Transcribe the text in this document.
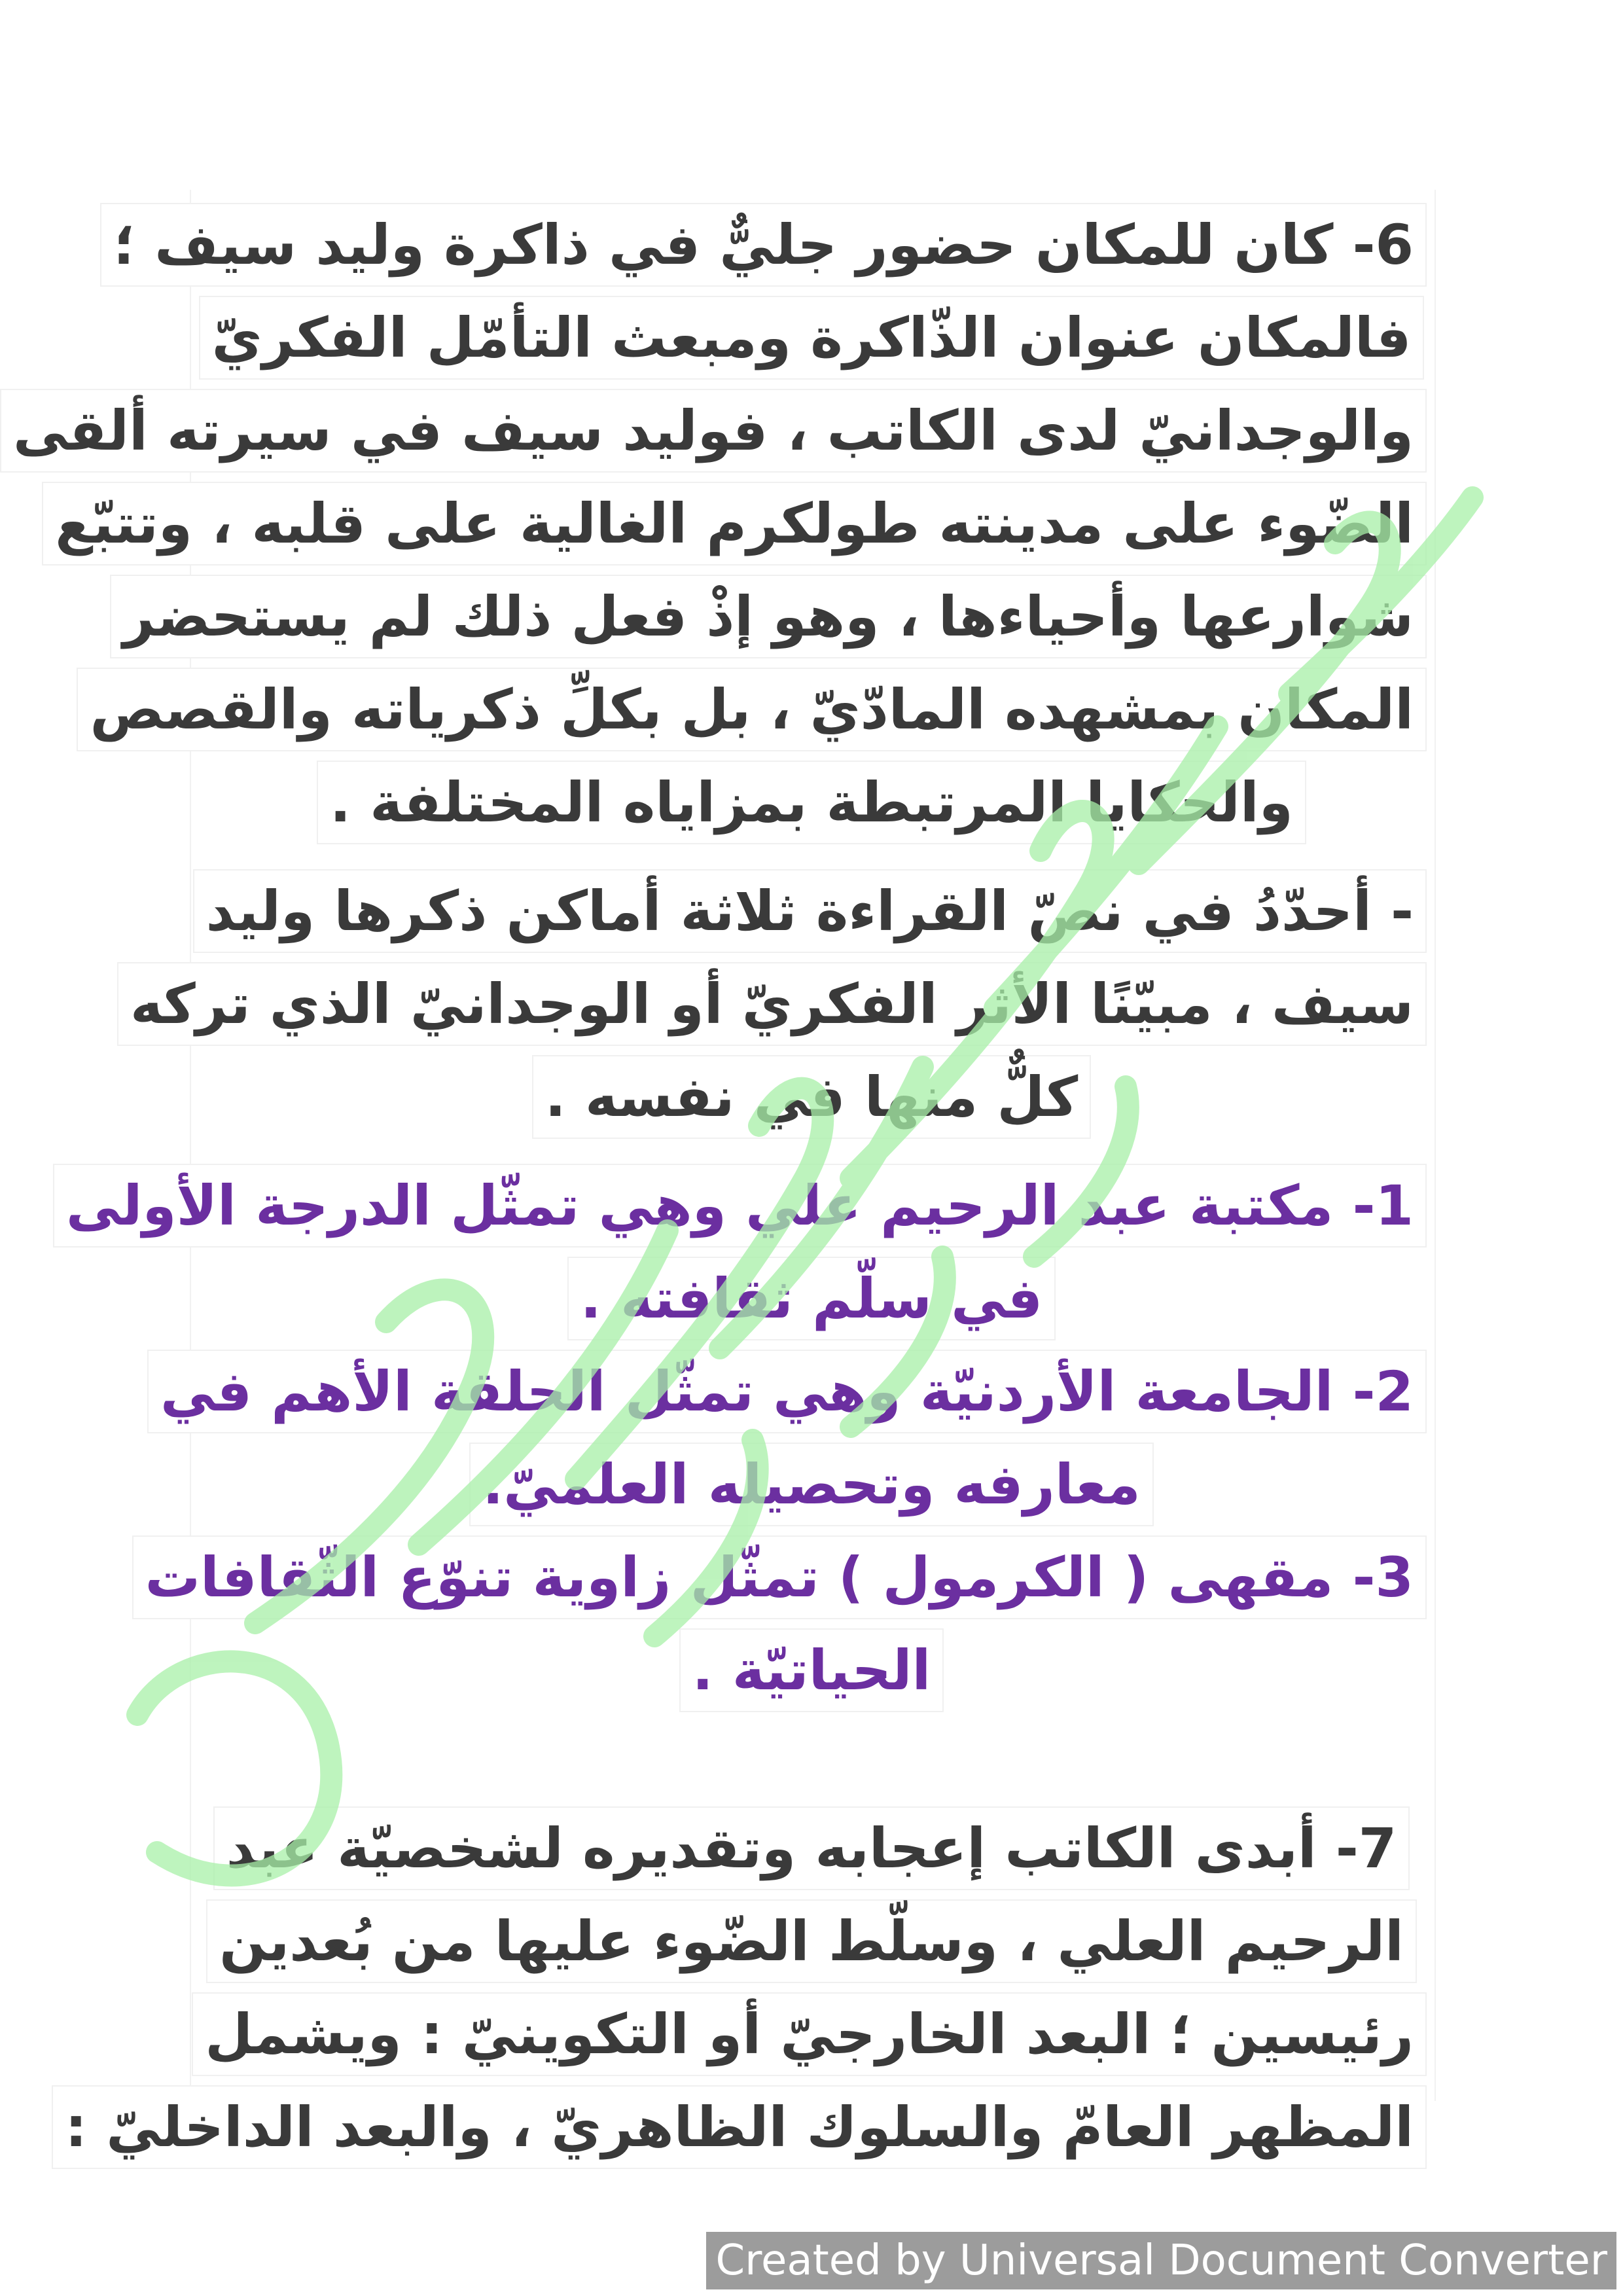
6- كان للمكان حضور جليٌّ في ذاكرة وليد سيف ؛
فالمكان عنوان الذّاكرة ومبعث التأمّل الفكريّ
والوجدانيّ لدى الكاتب ، فوليد سيف في سيرته ألقى
الضّوء على مدينته طولكرم الغالية على قلبه ، وتتبّع
شوارعها وأحياءها ، وهو إذْ فعل ذلك لم يستحضر
المكان بمشهده المادّيّ ، بل بكلِّ ذكرياته والقصص
والحكايا المرتبطة بمزاياه المختلفة .
- أحدّدُ في نصّ القراءة ثلاثة أماكن ذكرها وليد
سيف ، مبيّنًا الأثر الفكريّ أو الوجدانيّ الذي تركه
كلٌّ منها في نفسه .
1- مكتبة عبد الرحيم علي وهي تمثّل الدرجة الأولى
في سلّم ثقافته .
2- الجامعة الأردنيّة وهي تمثّل الحلقة الأهم في
معارفه وتحصيله العلميّ.
3- مقهى ( الكرمول ) تمثّل زاوية تنوّع الثّقافات
الحياتيّة .
7- أبدى الكاتب إعجابه وتقديره لشخصيّة عبد
الرحيم العلي ، وسلّط الضّوء عليها من بُعدين
رئيسين ؛ البعد الخارجيّ أو التكوينيّ : ويشمل
المظهر العامّ والسلوك الظاهريّ ، والبعد الداخليّ :
Created by Universal Document Converter
